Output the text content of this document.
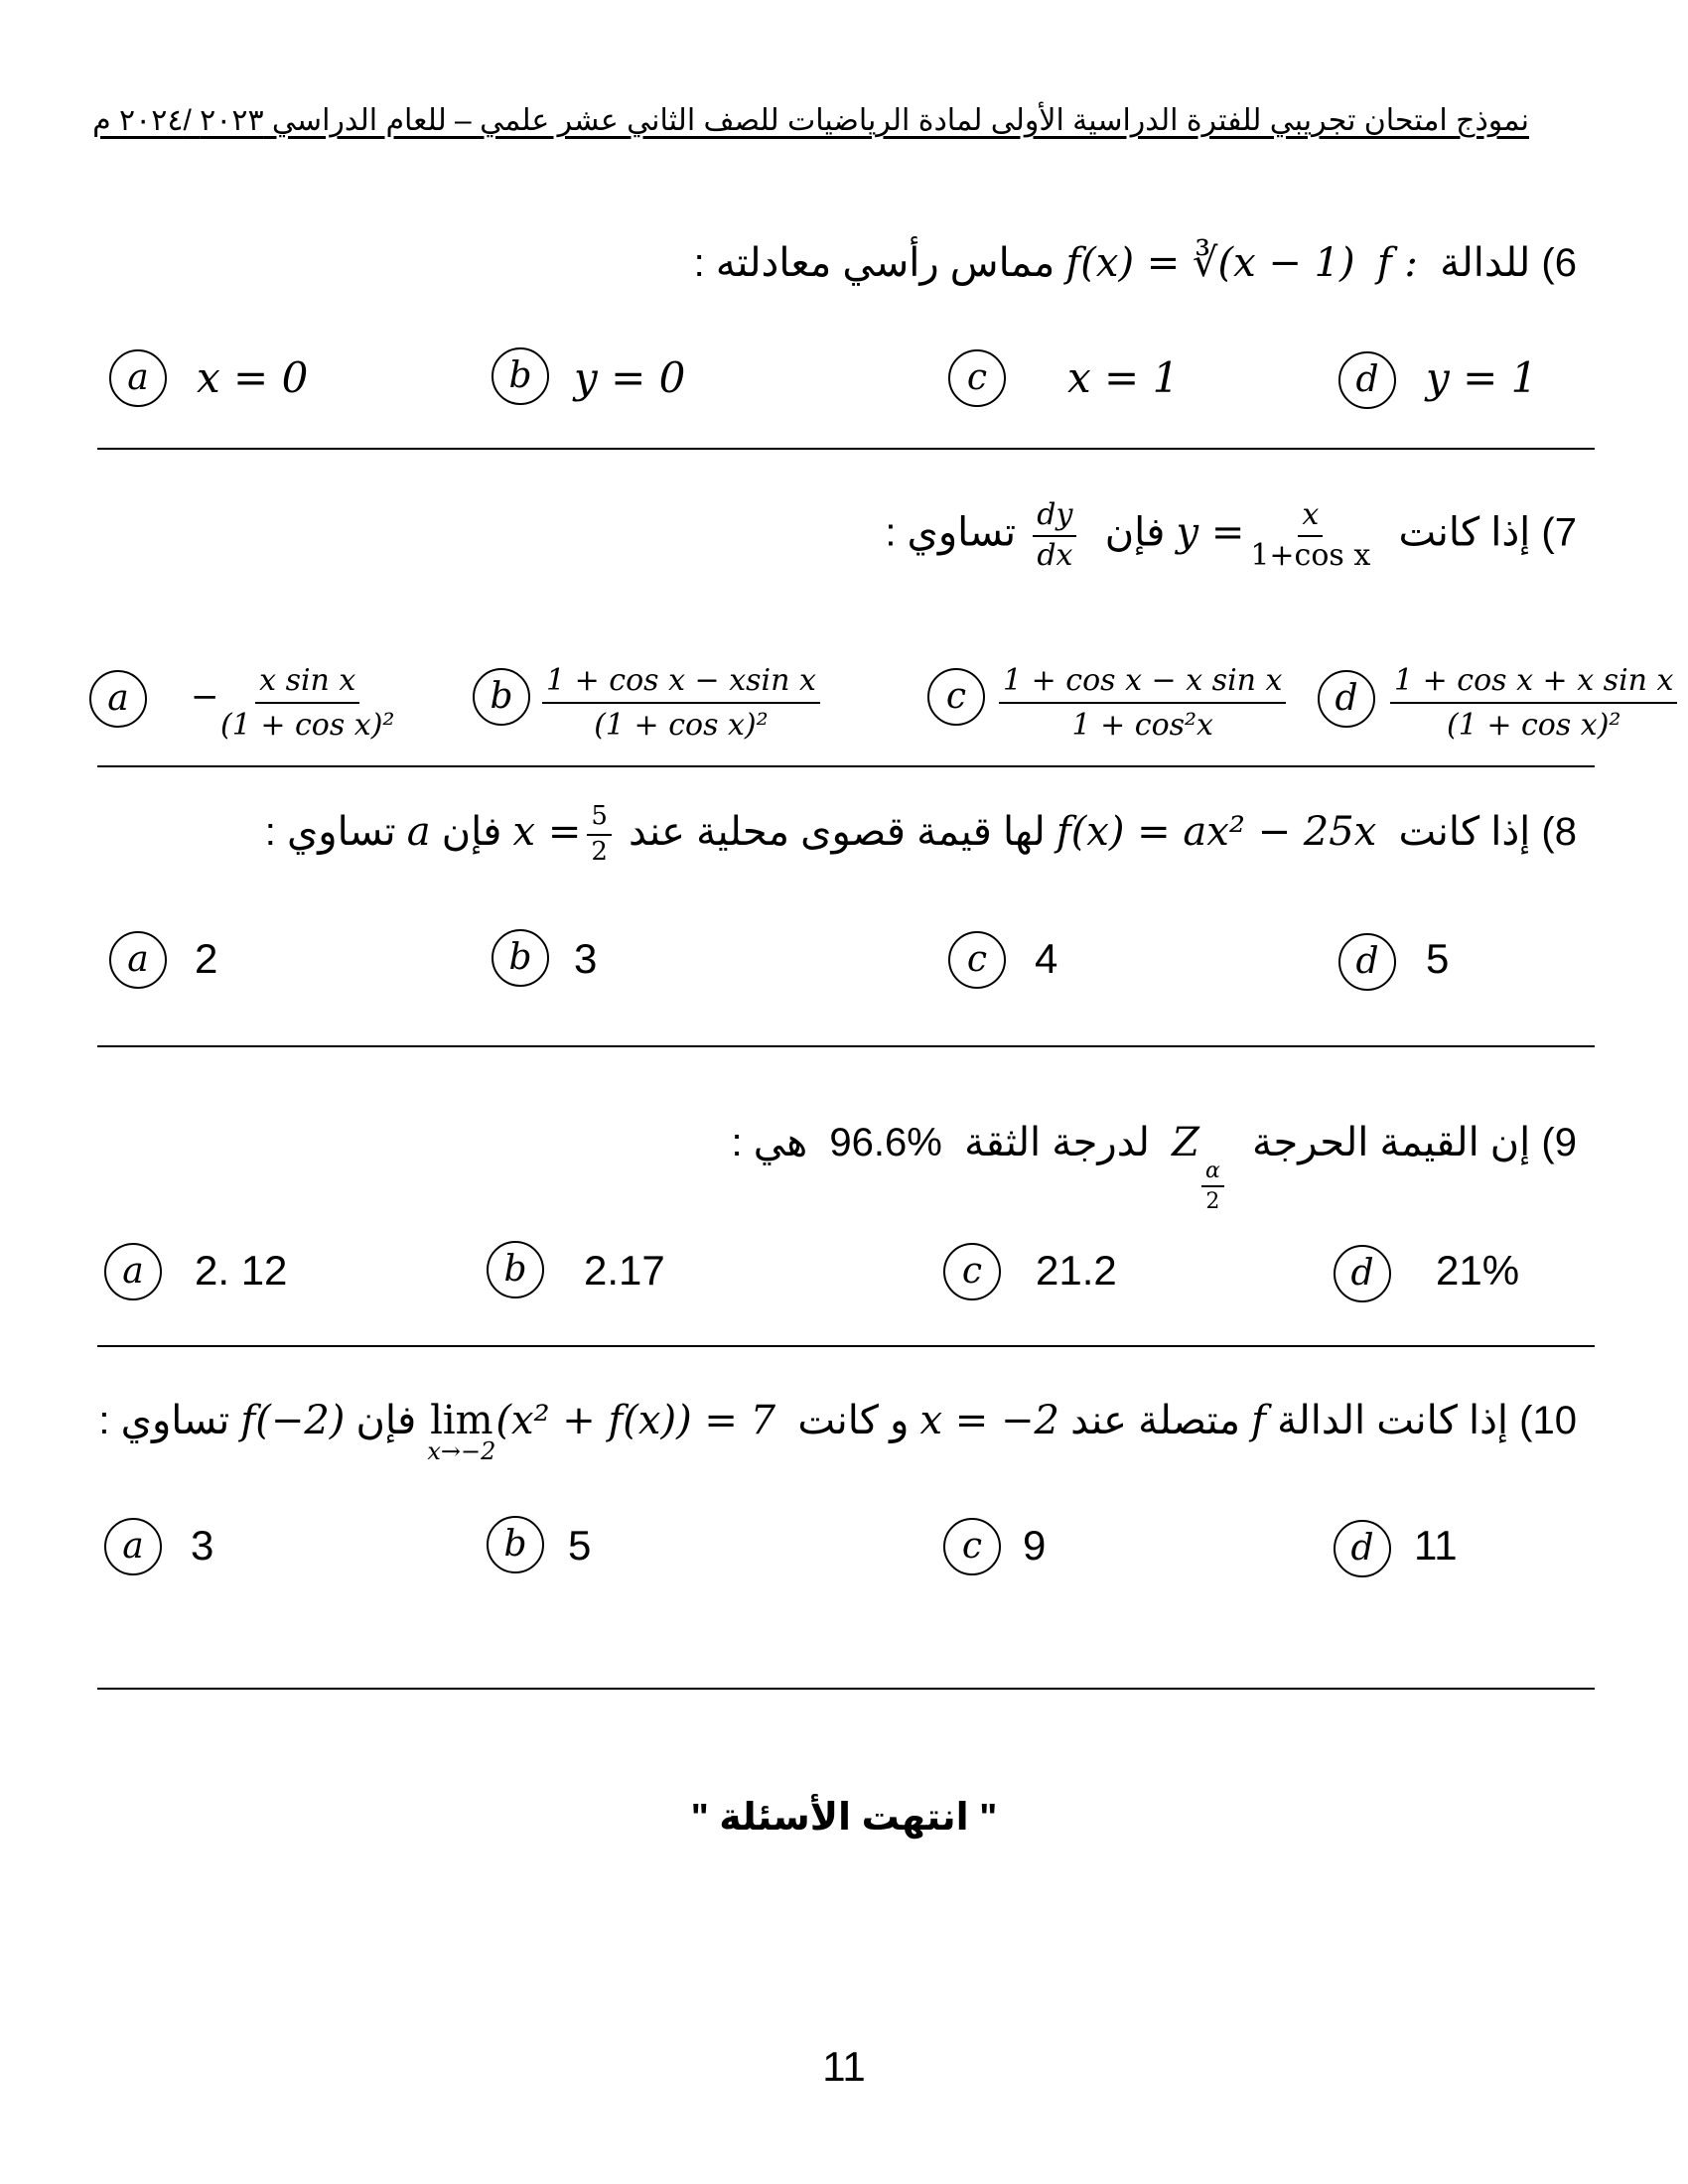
نموذج امتحان تجريبي للفترة الدراسية الأولى لمادة الرياضيات للصف الثاني عشر علمي – للعام الدراسي ٢٠٢٣ /٢٠٢٤ م
6) للدالة  f :  f(x) = ∛(x − 1) مماس رأسي معادلته :
a	x = 0	b	y = 0	c	x = 1	d	y = 1
7) إذا كانت  $y = \frac{x}{\text{1+cos x}}$
فإن
$\frac{dy}{dx}$
تساوي :
a	− x sin x
(1 + cos x)²
b	1 + cos x − xsin x
(1 + cos x)²
c	1 + cos x − x sin x
1 + cos²x
d	1 + cos x + x sin x
(1 + cos x)²
8) إذا كانت  f(x) = ax² − 25x لها قيمة قصوى محلية عند $x = \frac{5}{2}$
فإن a تساوي :
a	2	b	3	c	4	d	5
9) إن القيمة الحرجة  Z
$\frac{\alpha}{2}$
لدرجة الثقة  96.6%  هي :
a	2. 12	b	2.17	c	21.2	d	21%
10) إذا كانت الدالة f متصلة عند x = −2 و كانت
lim
x→−2
(x² + f(x)) = 7 فإن f(−2) تساوي :
a	3	b 5	c 9	d 11
" انتهت الأسئلة "
11
